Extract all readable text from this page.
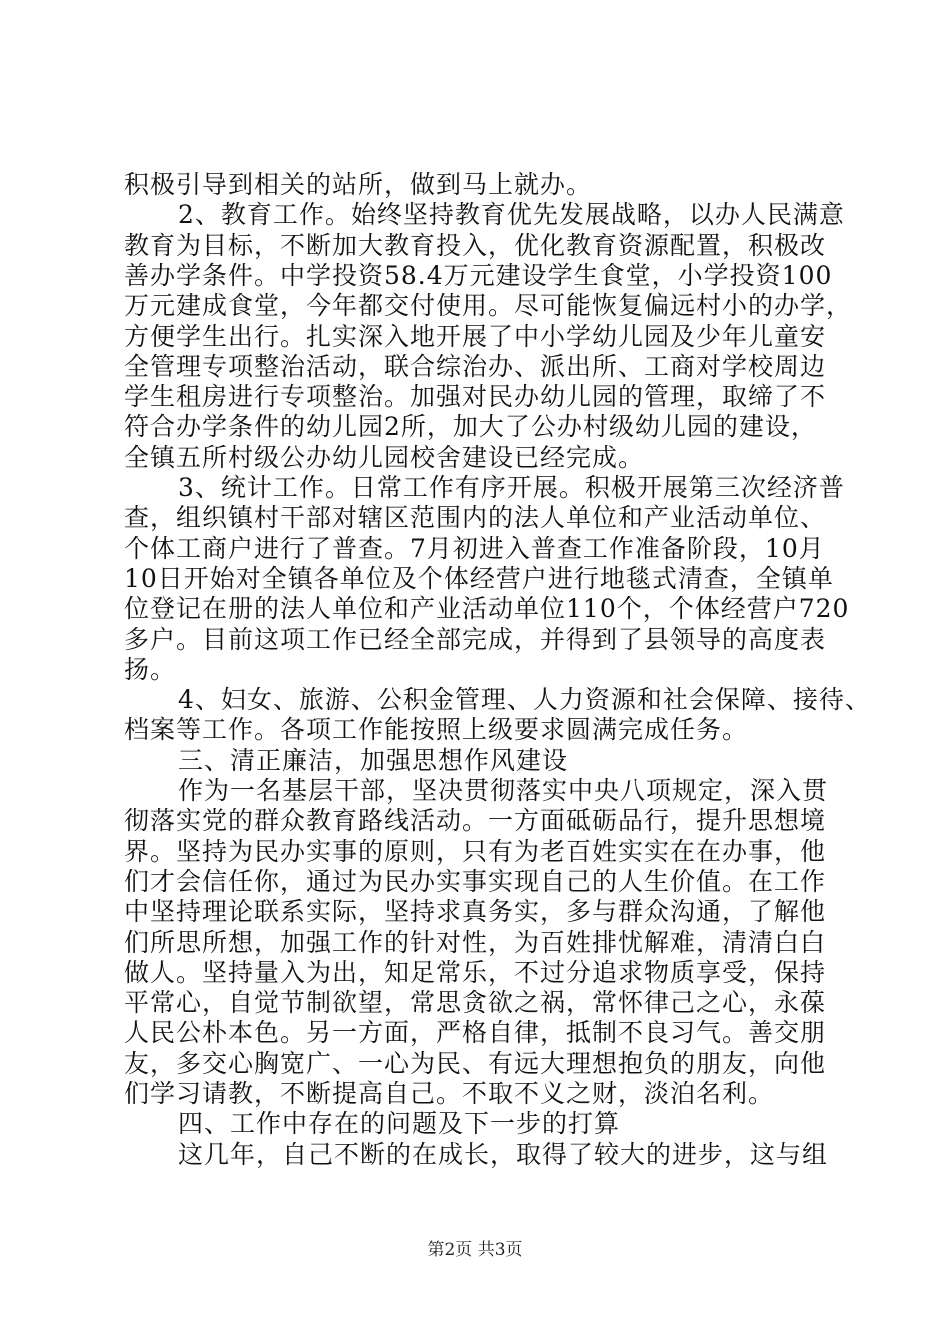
积极引导到相关的站所，做到马上就办。
2、教育工作。始终坚持教育优先发展战略，以办人民满意
教育为目标，不断加大教育投入，优化教育资源配置，积极改
善办学条件。中学投资58.4万元建设学生食堂，小学投资100
万元建成食堂，今年都交付使用。尽可能恢复偏远村小的办学，
方便学生出行。扎实深入地开展了中小学幼儿园及少年儿童安
全管理专项整治活动，联合综治办、派出所、工商对学校周边
学生租房进行专项整治。加强对民办幼儿园的管理，取缔了不
符合办学条件的幼儿园2所，加大了公办村级幼儿园的建设，
全镇五所村级公办幼儿园校舍建设已经完成。
3、统计工作。日常工作有序开展。积极开展第三次经济普
查，组织镇村干部对辖区范围内的法人单位和产业活动单位、
个体工商户进行了普查。7月初进入普查工作准备阶段，10月
10日开始对全镇各单位及个体经营户进行地毯式清查，全镇单
位登记在册的法人单位和产业活动单位110个，个体经营户720
多户。目前这项工作已经全部完成，并得到了县领导的高度表
扬。
4、妇女、旅游、公积金管理、人力资源和社会保障、接待、
档案等工作。各项工作能按照上级要求圆满完成任务。
三、清正廉洁，加强思想作风建设
作为一名基层干部，坚决贯彻落实中央八项规定，深入贯
彻落实党的群众教育路线活动。一方面砥砺品行，提升思想境
界。坚持为民办实事的原则，只有为老百姓实实在在办事，他
们才会信任你，通过为民办实事实现自己的人生价值。在工作
中坚持理论联系实际，坚持求真务实，多与群众沟通，了解他
们所思所想，加强工作的针对性，为百姓排忧解难，清清白白
做人。坚持量入为出，知足常乐，不过分追求物质享受，保持
平常心，自觉节制欲望，常思贪欲之祸，常怀律己之心，永葆
人民公朴本色。另一方面，严格自律，抵制不良习气。善交朋
友，多交心胸宽广、一心为民、有远大理想抱负的朋友，向他
们学习请教，不断提高自己。不取不义之财，淡泊名利。
四、工作中存在的问题及下一步的打算
这几年，自己不断的在成长，取得了较大的进步，这与组
第2页 共3页
